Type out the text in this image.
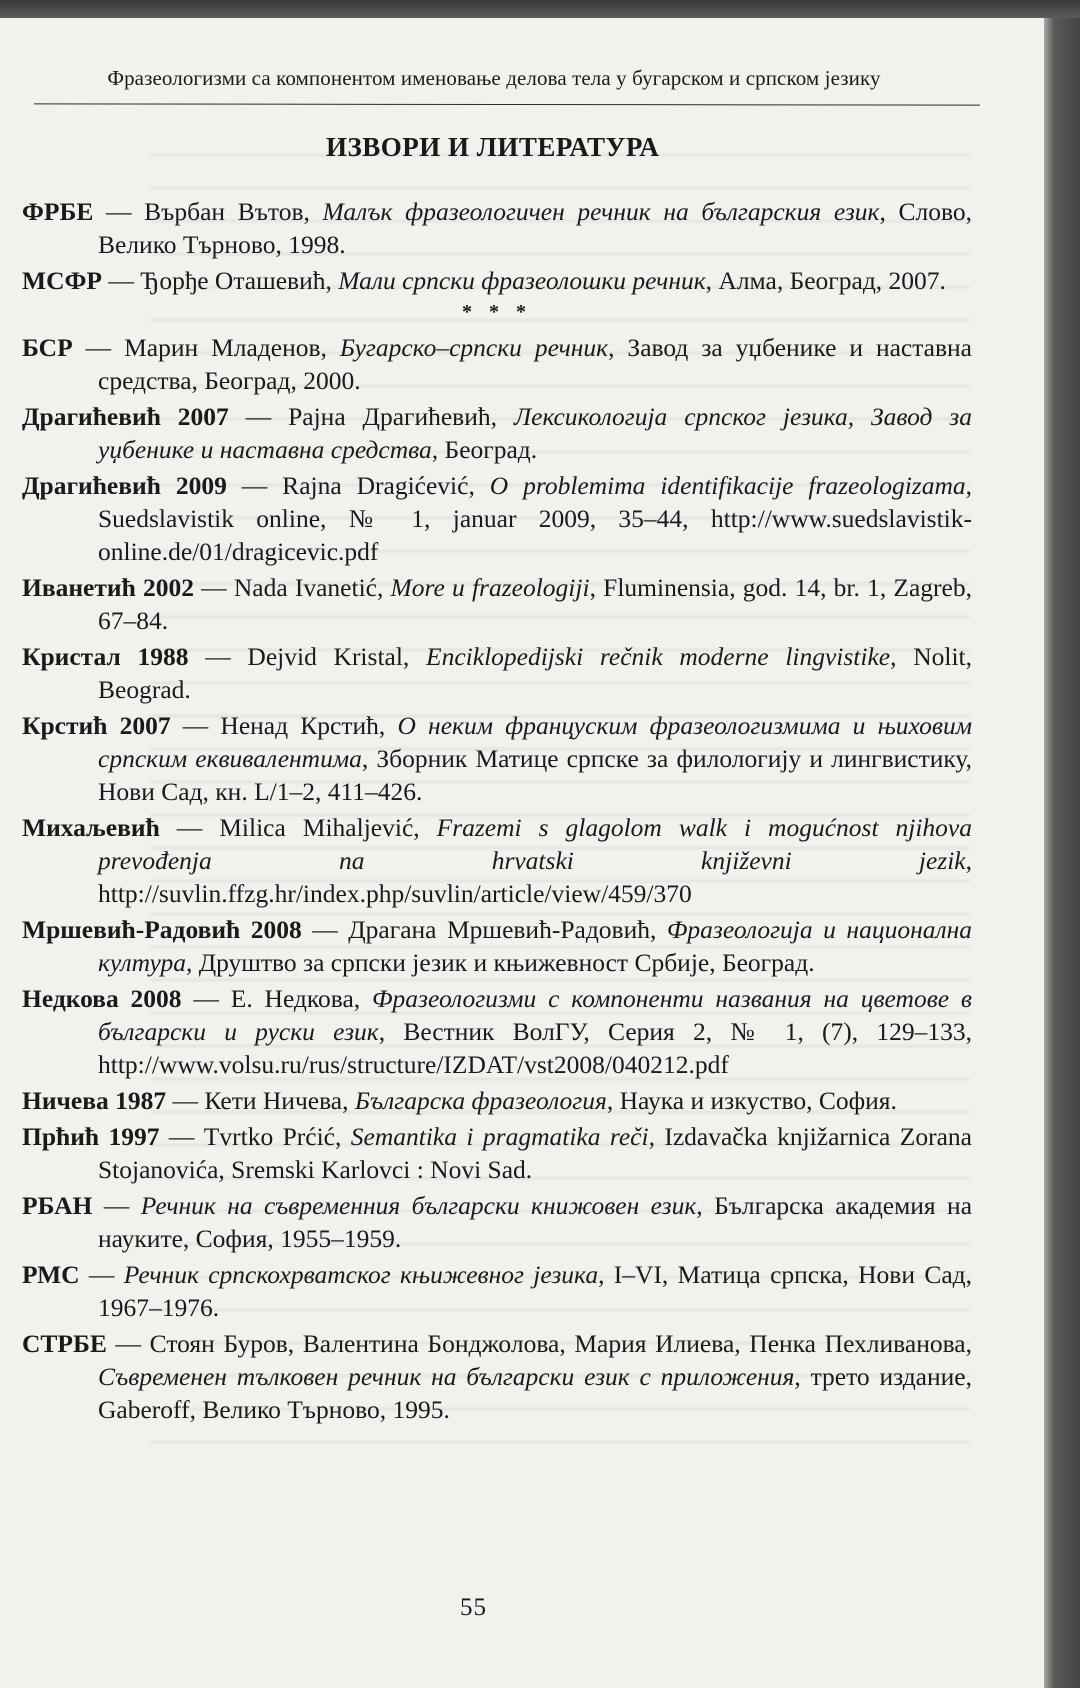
Фразеологизми са компонентом именовање делова тела у бугарском и српском језику
ИЗВОРИ И ЛИТЕРАТУРА
ФРБЕ — Върбан Вътов, Малък фразеологичен речник на българския език, Слово, Велико Търново, 1998.
МСФР — Ђорђе Оташевић, Мали српски фразеолошки речник, Алма, Београд, 2007.
* * *
БСР — Марин Младенов, Бугарско–српски речник, Завод за уџбенике и наставна средства, Београд, 2000.
Драгићевић 2007 — Рајна Драгићевић, Лексикологија српског језика, Завод за уџбенике и наставна средства, Београд.
Драгићевић 2009 — Rajna Dragićević, O problemima identifikacije frazeologizama, Suedslavistik online, № 1, januar 2009, 35–44, http://www.suedslavistik-online.de/01/dragicevic.pdf
Иванетић 2002 — Nada Ivanetić, More u frazeologiji, Fluminensia, god. 14, br. 1, Zagreb, 67–84.
Кристал 1988 — Dejvid Kristal, Enciklopedijski rečnik moderne lingvistike, Nolit, Beograd.
Крстић 2007 — Ненад Крстић, О неким француским фразеологизмима и њиховим српским еквивалентима, Зборник Матице српске за филологију и лингвистику, Нови Сад, кн. L/1–2, 411–426.
Михаљевић — Milica Mihaljević, Frazemi s glagolom walk i mogućnost njihova prevođenja na hrvatski književni jezik, http://suvlin.ffzg.hr/index.php/suvlin/article/view/459/370
Мршевић-Радовић 2008 — Драгана Мршевић-Радовић, Фразеологија и национална култура, Друштво за српски језик и књижевност Србије, Београд.
Недкова 2008 — Е. Недкова, Фразеологизми с компоненти названия на цветове в български и руски език, Вестник ВолГУ, Серия 2, № 1, (7), 129–133, http://www.volsu.ru/rus/structure/IZDAT/vst2008/040212.pdf
Ничева 1987 — Кети Ничева, Българска фразеология, Наука и изкуство, София.
Прћић 1997 — Tvrtko Prćić, Semantika i pragmatika reči, Izdavačka knjižarnica Zorana Stojanovića, Sremski Karlovci : Novi Sad.
РБАН — Речник на съвременния български книжовен език, Българска академия на науките, София, 1955–1959.
РМС — Речник српскохрватског књижевног језика, I–VI, Матица српска, Нови Сад, 1967–1976.
СТРБЕ — Стоян Буров, Валентина Бонджолова, Мария Илиева, Пенка Пехливанова, Съвременен тълковен речник на български език с приложения, трето издание, Gaberoff, Велико Търново, 1995.
55
